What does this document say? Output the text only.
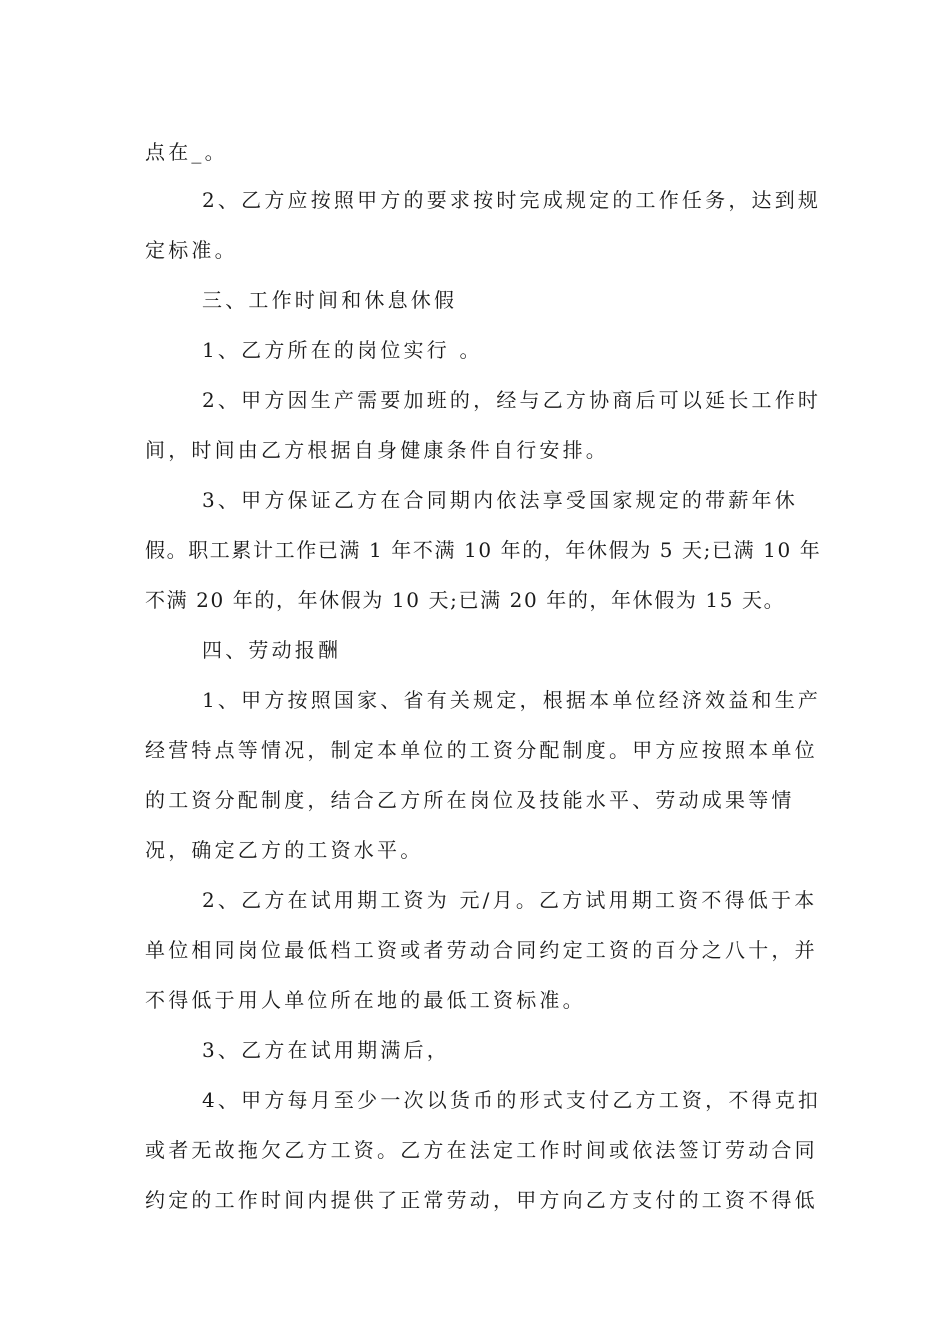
点在_。
2、乙方应按照甲方的要求按时完成规定的工作任务，达到规
定标准。
三、工作时间和休息休假
1、乙方所在的岗位实行 。
2、甲方因生产需要加班的，经与乙方协商后可以延长工作时
间，时间由乙方根据自身健康条件自行安排。
3、甲方保证乙方在合同期内依法享受国家规定的带薪年休
假。职工累计工作已满 1 年不满 10 年的，年休假为 5 天;已满 10 年
不满 20 年的，年休假为 10 天;已满 20 年的，年休假为 15 天。
四、劳动报酬
1、甲方按照国家、省有关规定，根据本单位经济效益和生产
经营特点等情况，制定本单位的工资分配制度。甲方应按照本单位
的工资分配制度，结合乙方所在岗位及技能水平、劳动成果等情
况，确定乙方的工资水平。
2、乙方在试用期工资为 元/月。乙方试用期工资不得低于本
单位相同岗位最低档工资或者劳动合同约定工资的百分之八十，并
不得低于用人单位所在地的最低工资标准。
3、乙方在试用期满后，
4、甲方每月至少一次以货币的形式支付乙方工资，不得克扣
或者无故拖欠乙方工资。乙方在法定工作时间或依法签订劳动合同
约定的工作时间内提供了正常劳动，甲方向乙方支付的工资不得低
